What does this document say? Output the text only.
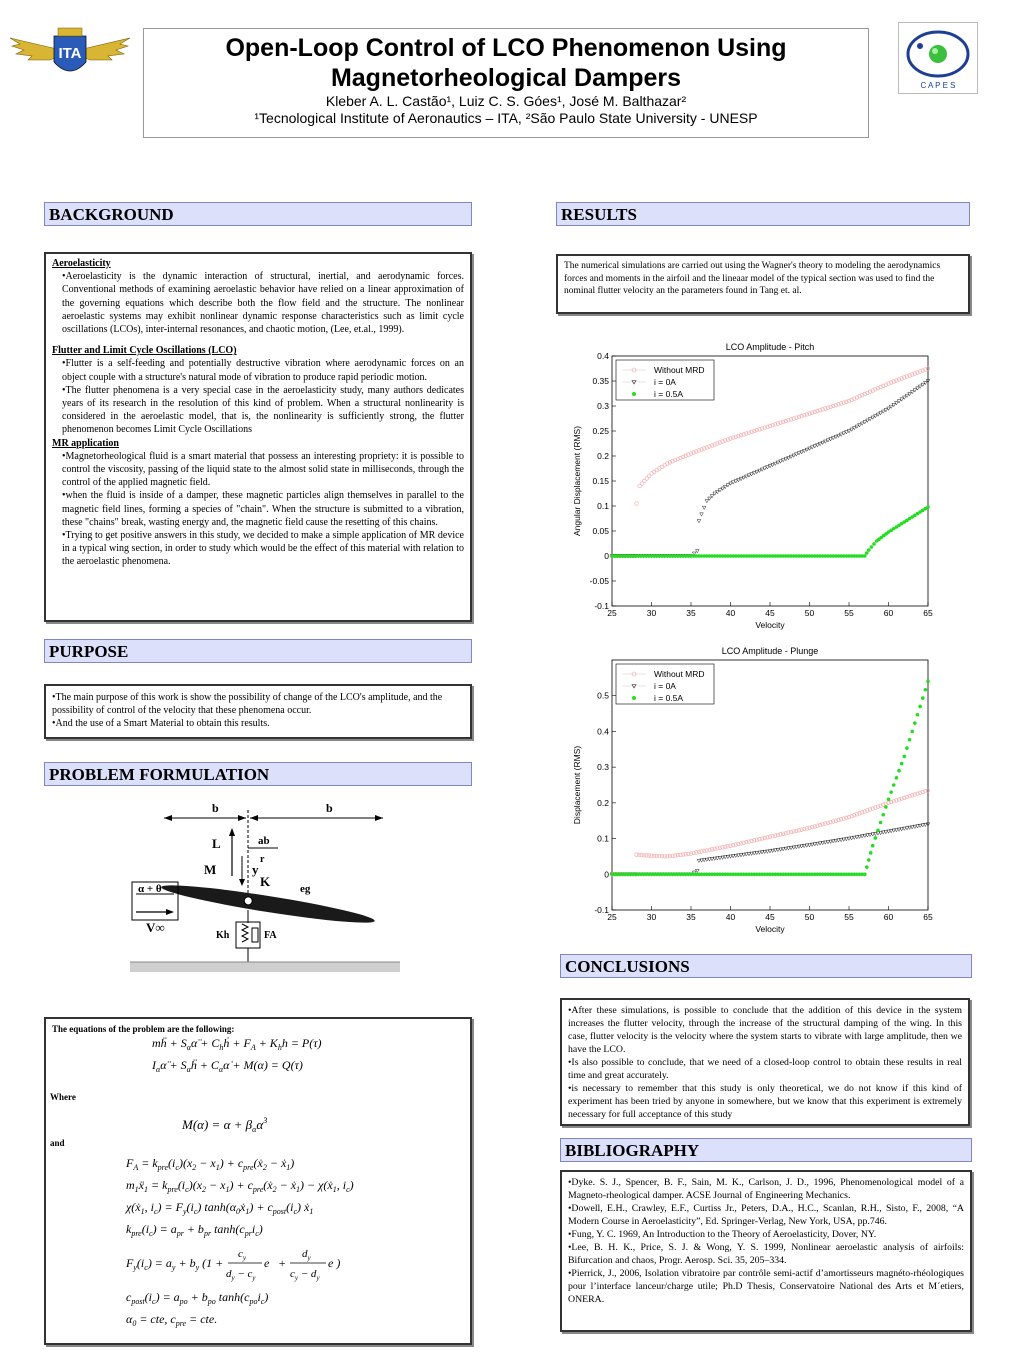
ITA	Open-Loop Control of LCO Phenomenon Using
Magnetorheological Dampers
Kleber A. L. Castão¹, Luiz C. S. Góes¹, José M. Balthazar²
¹Tecnological Institute of Aeronautics – ITA, ²São Paulo State University - UNESP
C A P E S
BACKGROUND

Aeroelasticity

• Aeroelasticity is the dynamic interaction of structural, inertial, and aerodynamic forces. Conventional methods of examining aeroelastic behavior have relied on a linear approximation of the governing equations which describe both the flow field and the structure. The nonlinear aeroelastic systems may exhibit nonlinear dynamic response characteristics such as limit cycle oscillations (LCOs), inter-internal resonances, and chaotic motion, (Lee, et.al., 1999).

Flutter and Limit Cycle Oscillations (LCO)

• Flutter is a self-feeding and potentially destructive vibration where aerodynamic forces on an object couple with a structure's natural mode of vibration to produce rapid periodic motion.

• The flutter phenomena is a very special case in the aeroelasticity study, many authors dedicates years of its research in the resolution of this kind of problem. When a structural nonlinearity is considered in the aeroelastic model, that is, the nonlinearity is sufficiently strong, the flutter phenomenon becomes Limit Cycle Oscillations

MR application

• Magnetorheological fluid is a smart material that possess an interesting propriety: it is possible to control the viscosity, passing of the liquid state to the almost solid state in milliseconds, through the control of the applied magnetic field.

• when the fluid is inside of a damper, these magnetic particles align themselves in parallel to the magnetic field lines, forming a species of "chain". When the structure is submitted to a vibration, these "chains" break, wasting energy and, the magnetic field cause the resetting of this chains.

• Trying to get positive answers in this study, we decided to make a simple application of MR device in a typical wing section, in order to study which would be the effect of this material with relation to the aeroelastic phenomena.

PURPOSE

•The main purpose of this work is show the possibility of change of the LCO's amplitude, and the possibility of control of the velocity that these phenomena occur.

•And the use of a Smart Material to obtain this results.

PROBLEM FORMULATION
b	b
ab
L
M	y
r
K	eg
α + θ
V∞
Kh	FA

The equations of the problem are the following:

mḧ + $S_\alpha\alphä$ + $C_hḣ + F_A + K_hh = P(\tau)$
$I_\alpha\alphä$ + $S_\alpha ḧ$ + $C_\alpha\alphȧ + M(\alpha) = Q(\tau)$
$M(\alpha) = \alpha + \beta_\alpha\alpha^3$
$F_A = k_{pre}(i_c)(x_2 - x_1)$ + $c_{pre}(ẋ_2$ − ẋ$_1$)
$m_1ẍ_1 = k_{pre}(i_c)(x_2 - x_1)$ + $c_{pre}(ẋ_2$ − ẋ$_1$) − χ(ẋ$_1$, $i_c$)
χ(ẋ$_1$, $i_c) = F_y(i_c)$ $\tanh(\alpha_0ẋ_1) + c_{post}(i_c)$ ẋ$_1$
$k_{pre}(i_c) = a_{pr} + b_{pr}$ $\tanh(c_{pr}i_c)$
$F_y(i_c) = a_y + b_y$ (1 +
$c_y$
$d_y - c_y$
e +
$d_y$
$c_y - d_y$
e )
$c_{post}(i_c) = a_{po} + b_{po}$ $\tanh(c_{po}i_c)$
$\alpha_0$ = cte, $c_{pre}$ = cte.

Where

and

RESULTS

The numerical simulations are carried out using the Wagner's theory to modeling the aerodynamics forces and moments in the airfoil and the lineaar model of the typical section was used to find the nominal flutter velocity an the parameters found in Tang et. al.

LCO Amplitude - Pitch
25	30	35	40	45	50	55	60	65
-0.1
-0.05
0
0.05
0.1
0.15
0.2
0.25
0.3
0.35
0.4
Velocity
Angular Displacement (RMS)
Without MRD
i = 0A
i = 0.5A
LCO Amplitude - Plunge
25	30	35	40	45	50	55	60	65
-0.1
0
0.1
0.2
0.3
0.4
0.5
Velocity
Displacement (RMS)
Without MRD
i = 0A
i = 0.5A
CONCLUSIONS

•After these simulations, is possible to conclude that the addition of this device in the system increases the flutter velocity, through the increase of the structural damping of the wing. In this case, flutter velocity is the velocity where the system starts to vibrate with large amplitude, then we have the LCO.

•Is also possible to conclude, that we need of a closed-loop control to obtain these results in real time and great accurately.

•is necessary to remember that this study is only theoretical, we do not know if this kind of experiment has been tried by anyone in somewhere, but we know that this experiment is extremely necessary for full acceptance of this study

BIBLIOGRAPHY

•Dyke. S. J., Spencer, B. F., Sain, M. K., Carlson, J. D., 1996, Phenomenological model of a Magneto-rheological damper. ACSE Journal of Engineering Mechanics.

•Dowell, E.H., Crawley, E.F., Curtiss Jr., Peters, D.A., H.C., Scanlan, R.H., Sisto, F., 2008, “A Modern Course in Aeroelasticity”, Ed. Springer-Verlag, New York, USA, pp.746.

•Fung, Y. C. 1969, An Introduction to the Theory of Aeroelasticity, Dover, NY.

•Lee, B. H. K., Price, S. J. & Wong, Y. S. 1999, Nonlinear aeroelastic analysis of airfoils: Bifurcation and chaos, Progr. Aerosp. Sci. 35, 205–334.

•Pierrick, J., 2006, Isolation vibratoire par contrôle semi-actif d’amortisseurs magnéto-rhéologiques pour l’interface lanceur/charge utile; Ph.D Thesis, Conservatoire National des Arts et M´etiers, ONERA.
